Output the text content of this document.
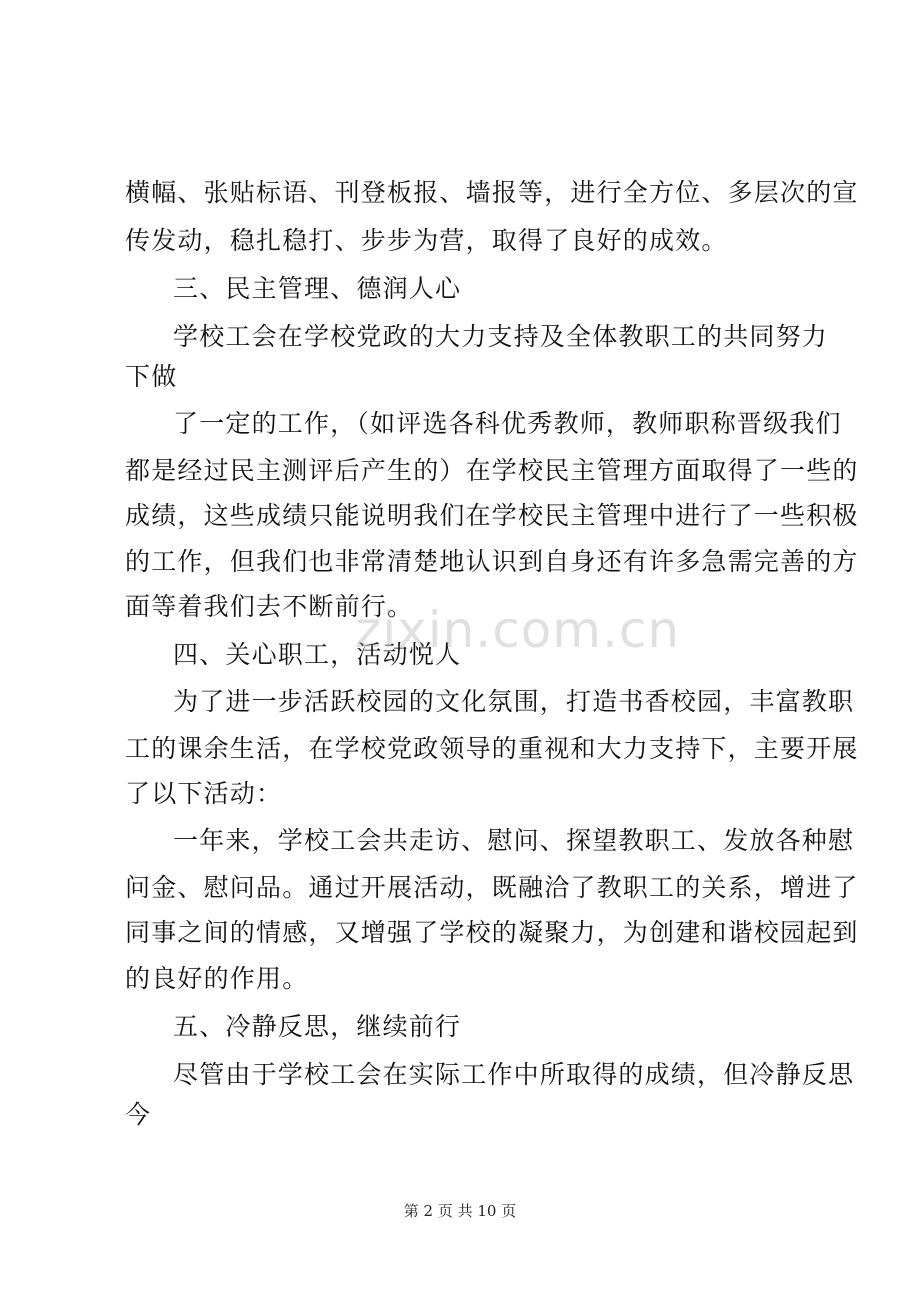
横幅、张贴标语、刊登板报、墙报等，进行全方位、多层次的宣
传发动，稳扎稳打、步步为营，取得了良好的成效。
三、民主管理、德润人心
学校工会在学校党政的大力支持及全体教职工的共同努力
下做
了一定的工作，（如评选各科优秀教师，教师职称晋级我们
都是经过民主测评后产生的）在学校民主管理方面取得了一些的
成绩，这些成绩只能说明我们在学校民主管理中进行了一些积极
的工作，但我们也非常清楚地认识到自身还有许多急需完善的方
面等着我们去不断前行。
四、关心职工，活动悦人
为了进一步活跃校园的文化氛围，打造书香校园，丰富教职
工的课余生活，在学校党政领导的重视和大力支持下，主要开展
了以下活动：
一年来，学校工会共走访、慰问、探望教职工、发放各种慰
问金、慰问品。通过开展活动，既融洽了教职工的关系，增进了
同事之间的情感，又增强了学校的凝聚力，为创建和谐校园起到
的良好的作用。
五、冷静反思，继续前行
尽管由于学校工会在实际工作中所取得的成绩，但冷静反思
今
zixin.com.cn
第 2 页 共 10 页
